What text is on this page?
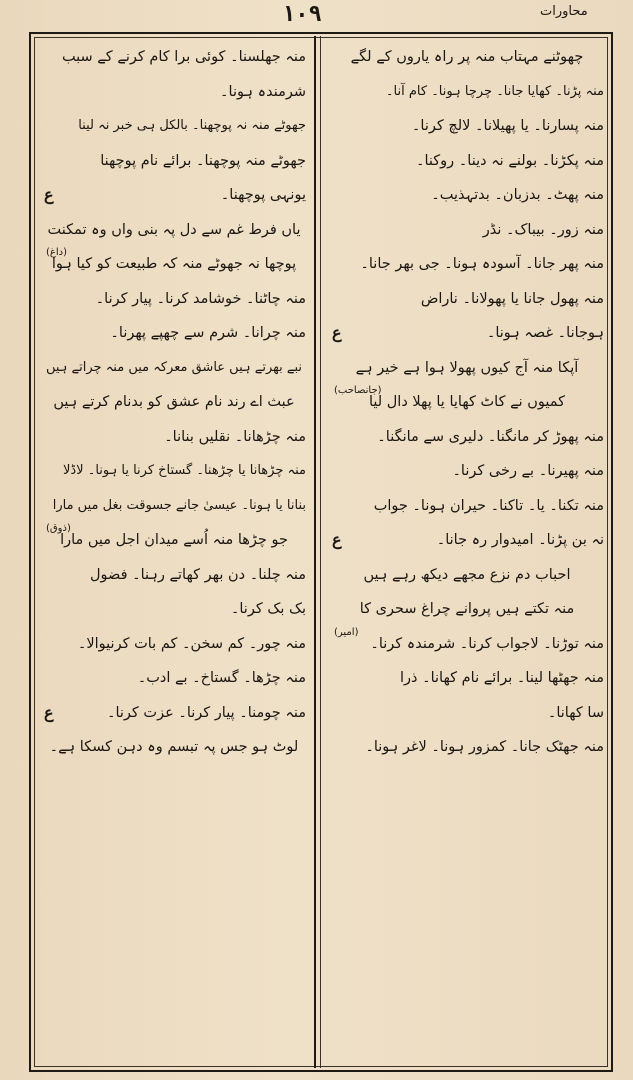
۱۰۹	محاورات
چھوٹنے مہتاب منہ پر راہ یاروں کے لگے
منہ پڑنا۔ کھایا جانا۔ چرچا ہونا۔ کام آنا۔
منہ پسارنا۔ یا پھیلانا۔ لالچ کرنا۔
منہ پکڑنا۔ بولنے نہ دینا۔ روکنا۔
منہ پھٹ۔ بدزبان۔ بدتہذیب۔
منہ زور۔ بیباک۔ نڈر
منہ پھر جانا۔ آسودہ ہونا۔ جی بھر جانا۔
منہ پھول جانا یا پھولانا۔ ناراض
ہوجانا۔ غصہ ہونا۔
ع
آپکا منہ آج کیوں پھولا ہوا ہے خیر ہے
کمیوں نے کاٹ کھایا یا پھلا دال لیا
(جانصاحب)
منہ پھوڑ کر مانگنا۔ دلیری سے مانگنا۔
منہ پھیرنا۔ بے رخی کرنا۔
منہ تکنا۔ یا۔ تاکنا۔ حیران ہونا۔ جواب
نہ بن پڑنا۔ امیدوار رہ جانا۔
ع
احباب دم نزع مجھے دیکھ رہے ہیں
منہ تکتے ہیں پروانے چراغ سحری کا
منہ توڑنا۔ لاجواب کرنا۔ شرمندہ کرنا۔
(امیر)
منہ جھٹھا لینا۔ برائے نام کھانا۔ ذرا
سا کھانا۔
منہ جھٹک جانا۔ کمزور ہونا۔ لاغر ہونا۔
منہ جھلسنا۔ کوئی برا کام کرنے کے سبب
شرمندہ ہونا۔
جھوٹے منہ نہ پوچھنا۔ بالکل ہی خبر نہ لینا
جھوٹے منہ پوچھنا۔ برائے نام پوچھنا
یونہی پوچھنا۔
ع
یاں فرط غم سے دل پہ بنی واں وہ تمکنت
پوچھا نہ جھوٹے منہ کہ طبیعت کو کیا ہوا
(داغ)
منہ چاٹنا۔ خوشامد کرنا۔ پیار کرنا۔
منہ چرانا۔ شرم سے چھپے پھرنا۔
نبے بھرتے ہیں عاشق معرکہ میں منہ چراتے ہیں
عبث اے رند نام عشق کو بدنام کرتے ہیں
منہ چڑھانا۔ نقلیں بنانا۔
منہ چڑھانا یا چڑھنا۔ گستاخ کرنا یا ہونا۔ لاڈلا
بنانا یا ہونا۔ عیسیٰ جانے جسوقت بغل میں مارا
جو چڑھا منہ اُسے میدان اجل میں مارا
(ذوق)
منہ چلنا۔ دن بھر کھاتے رہنا۔ فضول
بک بک کرنا۔
منہ چور۔ کم سخن۔ کم بات کرنیوالا۔
منہ چڑھا۔ گستاخ۔ بے ادب۔
منہ چومنا۔ پیار کرنا۔ عزت کرنا۔
ع
لوٹ ہو جس پہ تبسم وہ دہن کسکا ہے۔
